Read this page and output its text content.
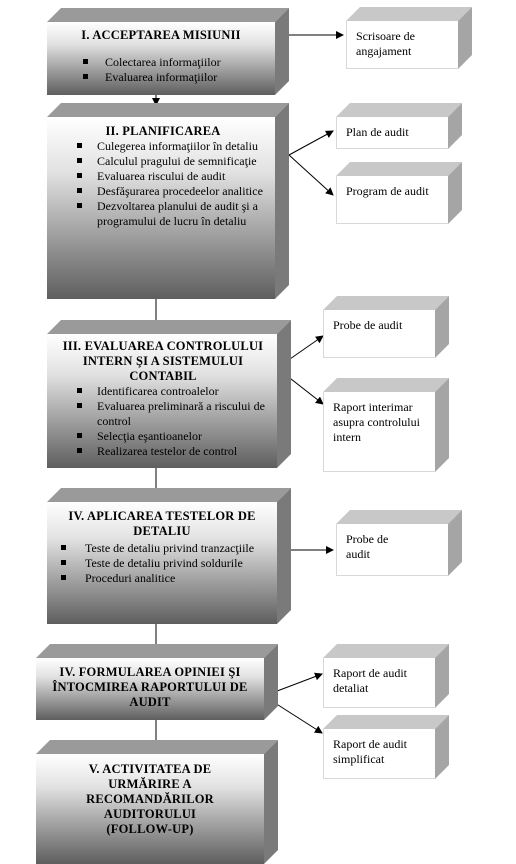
I. ACCEPTAREA MISIUNII
Colectarea informaţiilor
Evaluarea informaţiilor
II. PLANIFICAREA
Culegerea informaţiilor în detaliu
Calculul pragului de semnificaţie
Evaluarea riscului de audit
Desfăşurarea procedeelor analitice
Dezvoltarea planului de audit şi a programului de lucru în detaliu
III. EVALUAREA CONTROLULUI INTERN ŞI A SISTEMULUI CONTABIL
Identificarea controalelor
Evaluarea preliminară a riscului de control
Selecţia eşantioanelor
Realizarea testelor de control
IV. APLICAREA TESTELOR DE DETALIU
Teste de detaliu privind tranzacţiile
Teste de detaliu privind soldurile
Proceduri analitice
IV. FORMULAREA OPINIEI ŞI ÎNTOCMIREA RAPORTULUI DE AUDIT
V. ACTIVITATEA DE URMĂRIRE A RECOMANDĂRILOR AUDITORULUI (FOLLOW-UP)
Scrisoare de angajament
Plan de audit
Program de audit
Probe de audit
Raport interimar asupra controlului intern
Probe de audit
Raport de audit detaliat
Raport de audit simplificat
